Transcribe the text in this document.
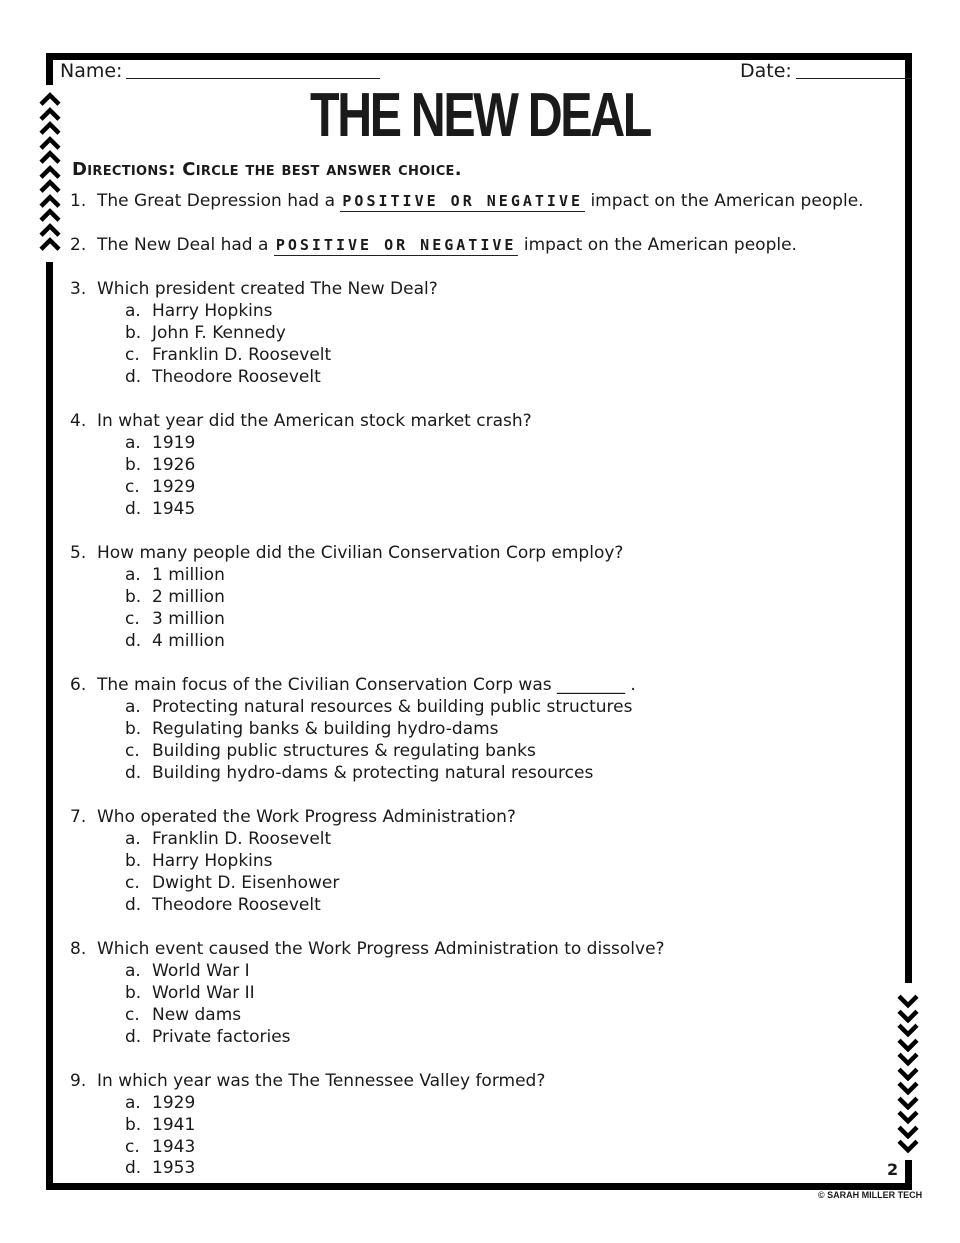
Name:	Date:
THE NEW DEAL
Directions: Circle the best answer choice.
1. The Great Depression had a POSITIVE OR NEGATIVE impact on the American people.
2. The New Deal had a POSITIVE OR NEGATIVE impact on the American people.
3. Which president created The New Deal?
a. Harry Hopkins
b. John F. Kennedy
c. Franklin D. Roosevelt
d. Theodore Roosevelt
4. In what year did the American stock market crash?
a. 1919
b. 1926
c. 1929
d. 1945
5. How many people did the Civilian Conservation Corp employ?
a. 1 million
b. 2 million
c. 3 million
d. 4 million
6. The main focus of the Civilian Conservation Corp was ________ .
a. Protecting natural resources & building public structures
b. Regulating banks & building hydro-dams
c. Building public structures & regulating banks
d. Building hydro-dams & protecting natural resources
7. Who operated the Work Progress Administration?
a. Franklin D. Roosevelt
b. Harry Hopkins
c. Dwight D. Eisenhower
d. Theodore Roosevelt
8. Which event caused the Work Progress Administration to dissolve?
a. World War I
b. World War II
c. New dams
d. Private factories
9. In which year was the The Tennessee Valley formed?
a. 1929
b. 1941
c. 1943
d. 1953	2
© SARAH MILLER TECH
